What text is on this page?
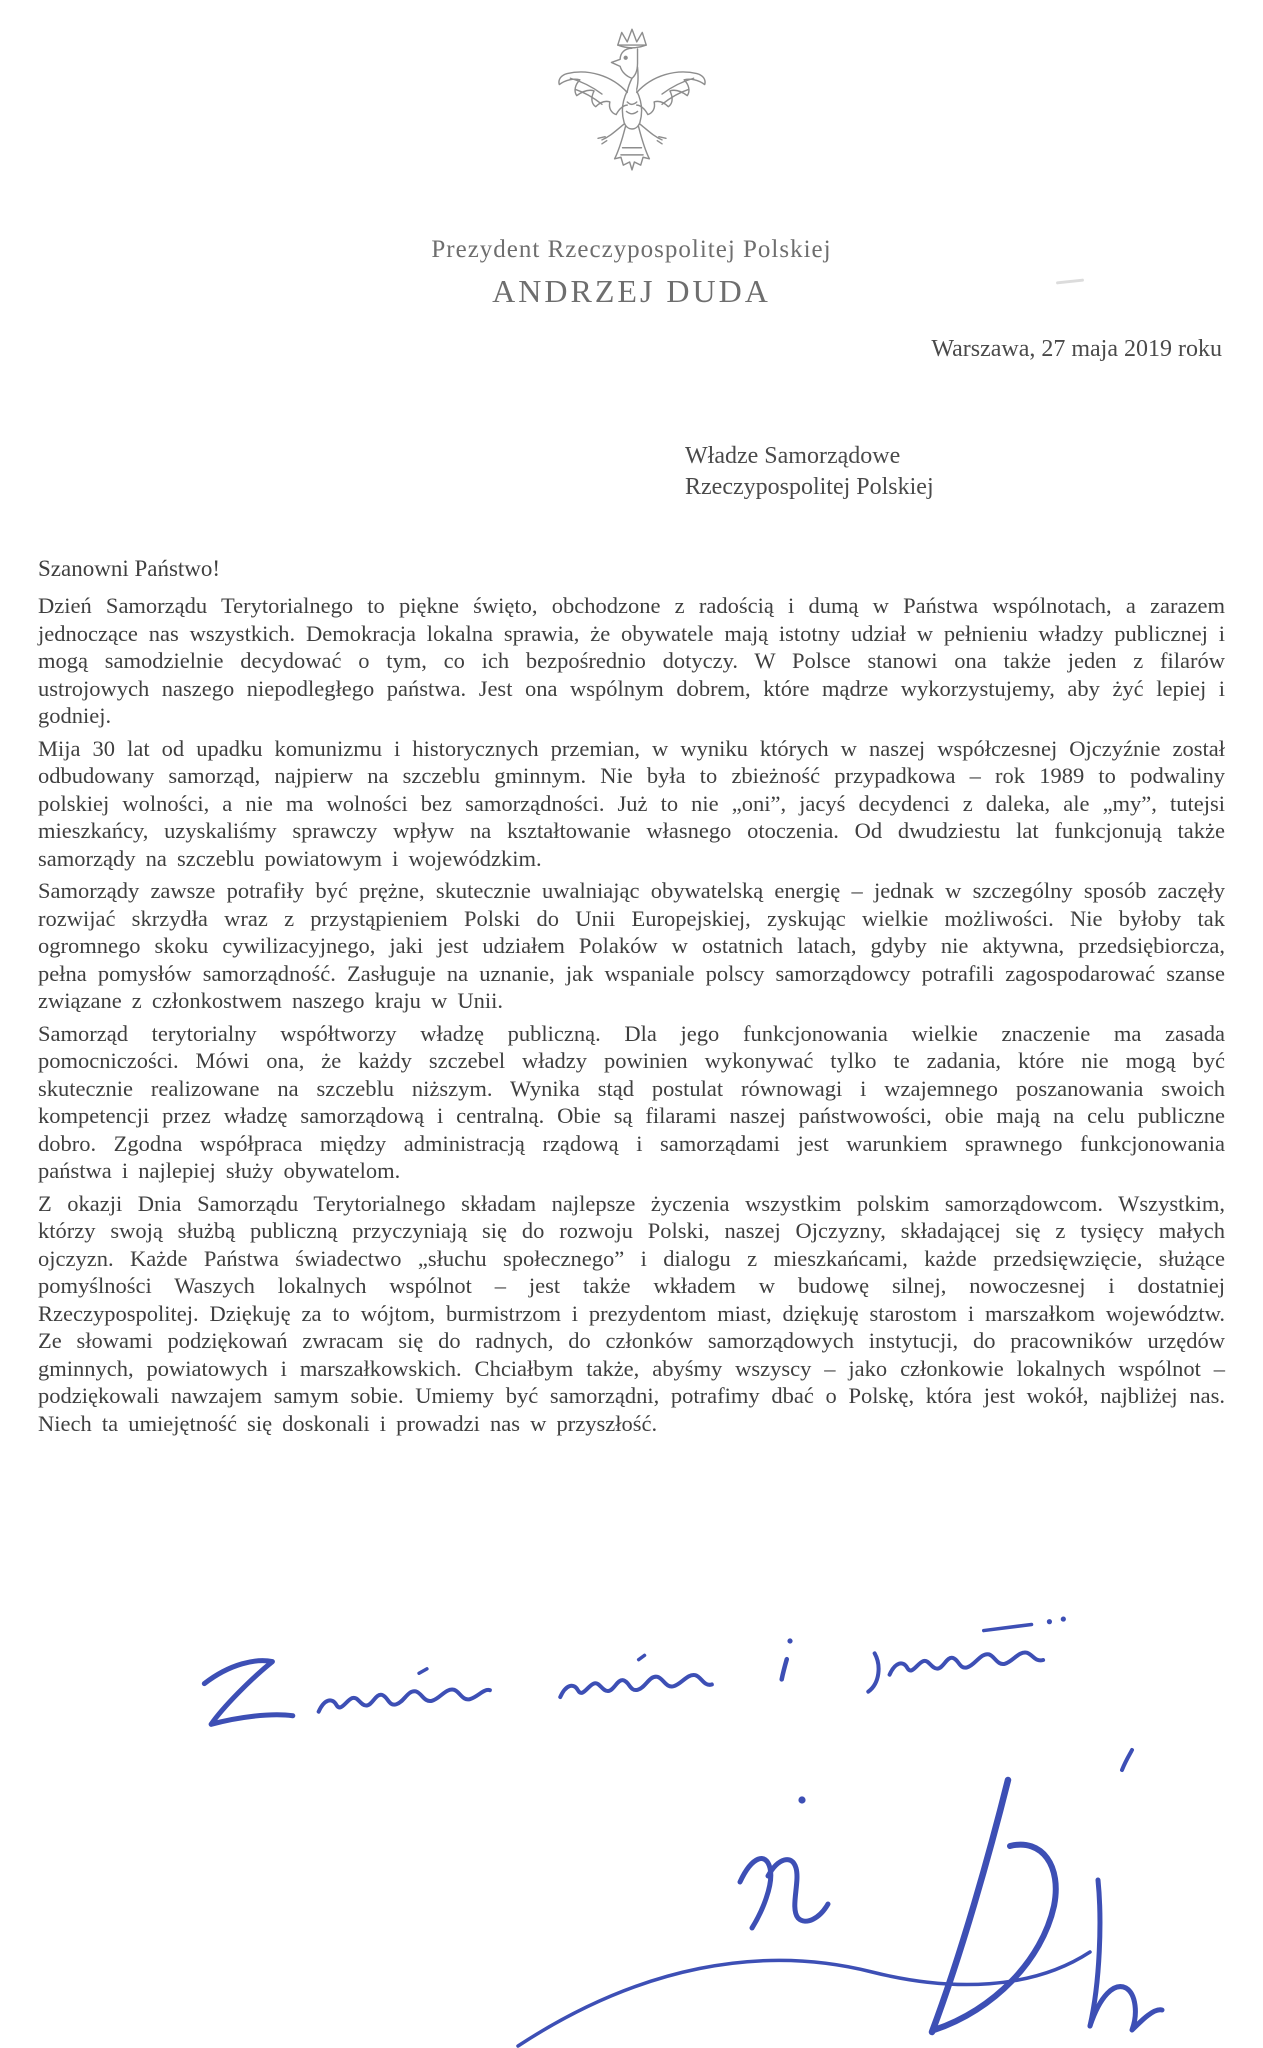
Prezydent Rzeczypospolitej Polskiej
ANDRZEJ DUDA
Warszawa, 27 maja 2019 roku
Władze Samorządowe
Rzeczypospolitej Polskiej
Szanowni Państwo!

Dzień Samorządu Terytorialnego to piękne święto, obchodzone z radością i dumą w Państwa wspólnotach, a zarazem jednoczące nas wszystkich. Demokracja lokalna sprawia, że obywatele mają istotny udział w pełnieniu władzy publicznej i mogą samodzielnie decydować o tym, co ich bezpośrednio dotyczy. W Polsce stanowi ona także jeden z filarów ustrojowych naszego niepodległego państwa. Jest ona wspólnym dobrem, które mądrze wykorzystujemy, aby żyć lepiej i godniej.

Mija 30 lat od upadku komunizmu i historycznych przemian, w wyniku których w naszej współczesnej Ojczyźnie został odbudowany samorząd, najpierw na szczeblu gminnym. Nie była to zbieżność przypadkowa – rok 1989 to podwaliny polskiej wolności, a nie ma wolności bez samorządności. Już to nie „oni”, jacyś decydenci z daleka, ale „my”, tutejsi mieszkańcy, uzyskaliśmy sprawczy wpływ na kształtowanie własnego otoczenia. Od dwudziestu lat funkcjonują także samorządy na szczeblu powiatowym i wojewódzkim.

Samorządy zawsze potrafiły być prężne, skutecznie uwalniając obywatelską energię – jednak w szczególny sposób zaczęły rozwijać skrzydła wraz z przystąpieniem Polski do Unii Europejskiej, zyskując wielkie możliwości. Nie byłoby tak ogromnego skoku cywilizacyjnego, jaki jest udziałem Polaków w ostatnich latach, gdyby nie aktywna, przedsiębiorcza, pełna pomysłów samorządność. Zasługuje na uznanie, jak wspaniale polscy samorządowcy potrafili zagospodarować szanse związane z członkostwem naszego kraju w Unii.

Samorząd terytorialny współtworzy władzę publiczną. Dla jego funkcjonowania wielkie znaczenie ma zasada pomocniczości. Mówi ona, że każdy szczebel władzy powinien wykonywać tylko te zadania, które nie mogą być skutecznie realizowane na szczeblu niższym. Wynika stąd postulat równowagi i wzajemnego poszanowania swoich kompetencji przez władzę samorządową i centralną. Obie są filarami naszej państwowości, obie mają na celu publiczne dobro. Zgodna współpraca między administracją rządową i samorządami jest warunkiem sprawnego funkcjonowania państwa i najlepiej służy obywatelom.

Z okazji Dnia Samorządu Terytorialnego składam najlepsze życzenia wszystkim polskim samorządowcom. Wszystkim, którzy swoją służbą publiczną przyczyniają się do rozwoju Polski, naszej Ojczyzny, składającej się z tysięcy małych ojczyzn. Każde Państwa świadectwo „słuchu społecznego” i dialogu z mieszkańcami, każde przedsięwzięcie, służące pomyślności Waszych lokalnych wspólnot – jest także wkładem w budowę silnej, nowoczesnej i dostatniej Rzeczypospolitej. Dziękuję za to wójtom, burmistrzom i prezydentom miast, dziękuję starostom i marszałkom województw. Ze słowami podziękowań zwracam się do radnych, do członków samorządowych instytucji, do pracowników urzędów gminnych, powiatowych i marszałkowskich. Chciałbym także, abyśmy wszyscy – jako członkowie lokalnych wspólnot – podziękowali nawzajem samym sobie. Umiemy być samorządni, potrafimy dbać o Polskę, która jest wokół, najbliżej nas. Niech ta umiejętność się doskonali i prowadzi nas w przyszłość.
